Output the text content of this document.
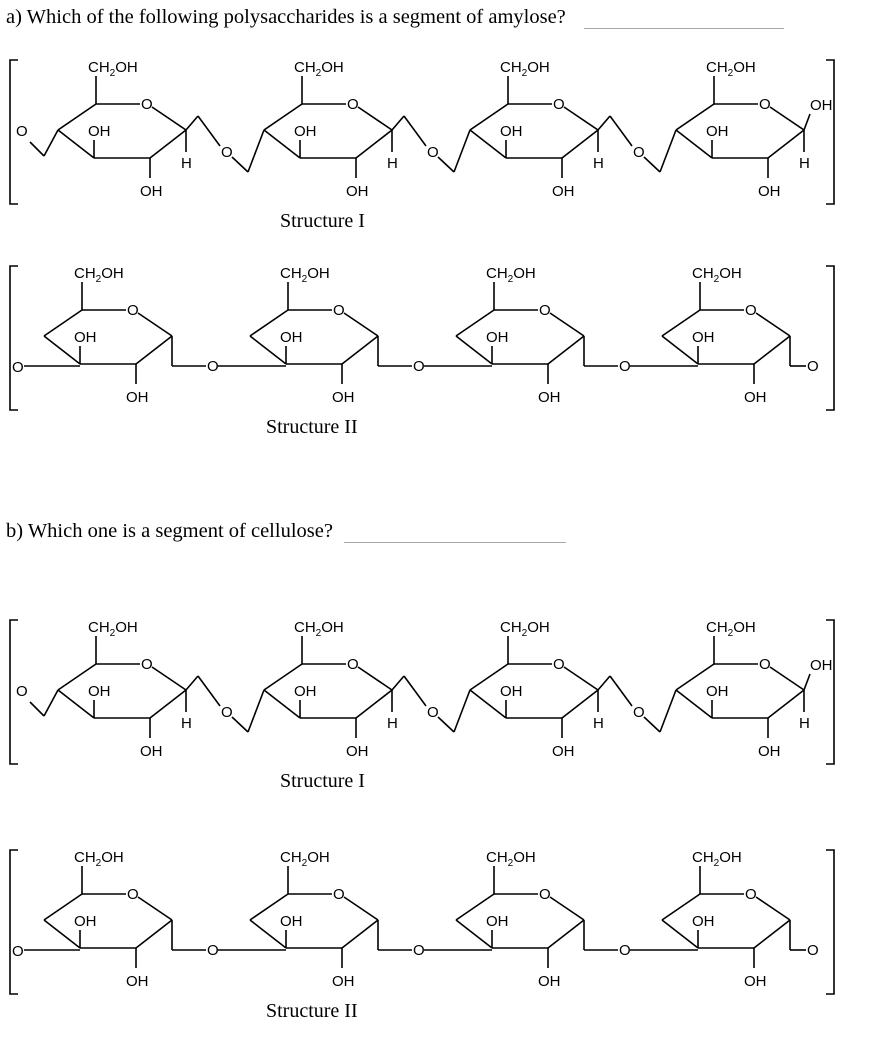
a) Which of the following polysaccharides is a segment of amylose?
O
O
$CH_2OH$
OH
OH
H
O
O
$CH_2OH$
OH
OH
H
O
O
$CH_2OH$
OH
OH
H
O
O
$CH_2OH$
OH
OH
H
OH
Structure I
O
O
$CH_2OH$
OH
OH
O
O
$CH_2OH$
OH
OH
O
O
$CH_2OH$
OH
OH
O
O
$CH_2OH$
OH
OH
O
Structure II
b) Which one is a segment of cellulose?
O
O
$CH_2OH$
OH
OH
H
O
O
$CH_2OH$
OH
OH
H
O
O
$CH_2OH$
OH
OH
H
O
O
$CH_2OH$
OH
OH
H
OH
Structure I
O
O
$CH_2OH$
OH
OH
O
O
$CH_2OH$
OH
OH
O
O
$CH_2OH$
OH
OH
O
O
$CH_2OH$
OH
OH
O
Structure II
